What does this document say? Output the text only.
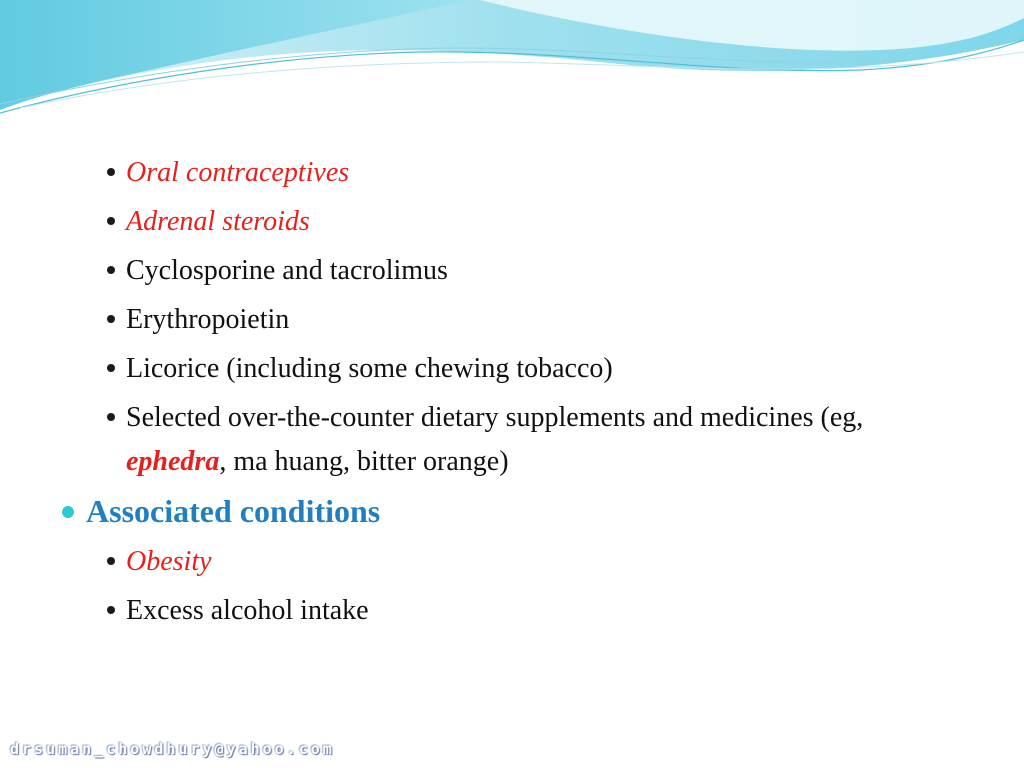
Oral contraceptives
Adrenal steroids
Cyclosporine and tacrolimus
Erythropoietin
Licorice (including some chewing tobacco)
Selected over-the-counter dietary supplements and medicines (eg, ephedra, ma huang, bitter orange)
Associated conditions
Obesity
Excess alcohol intake
drsuman_chowdhury@yahoo.com
